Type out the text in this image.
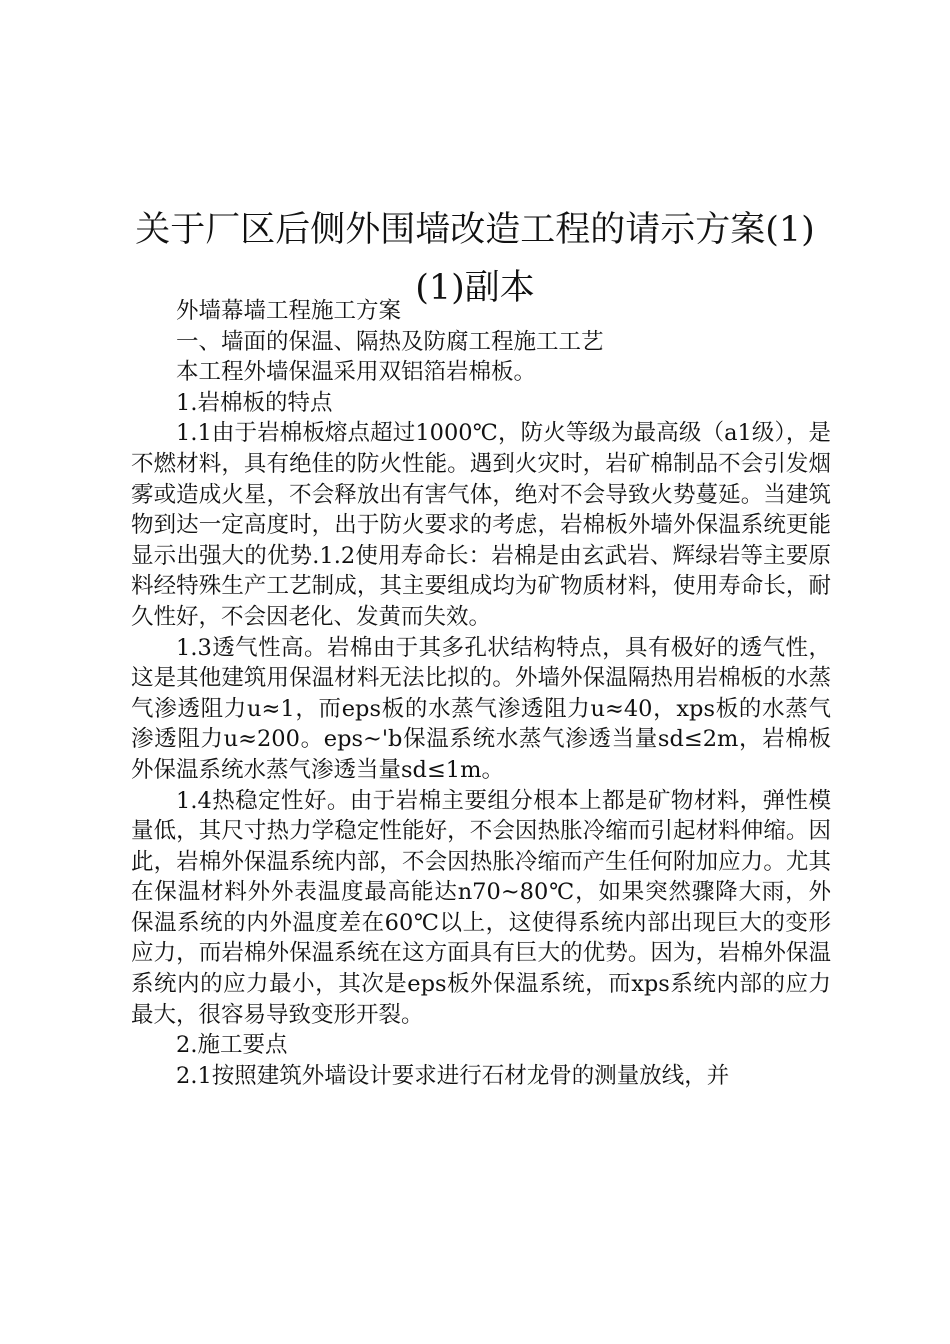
关于厂区后侧外围墙改造工程的请示方案(1)(1)副本

外墙幕墙工程施工方案

一、墙面的保温、隔热及防腐工程施工工艺

本工程外墙保温采用双铝箔岩棉板。

1.岩棉板的特点

1.1由于岩棉板熔点超过1000℃，防火等级为最高级（a1级），是不燃材料，具有绝佳的防火性能。遇到火灾时，岩矿棉制品不会引发烟雾或造成火星，不会释放出有害气体，绝对不会导致火势蔓延。当建筑物到达一定高度时，出于防火要求的考虑，岩棉板外墙外保温系统更能显示出强大的优势.1.2使用寿命长：岩棉是由玄武岩、辉绿岩等主要原料经特殊生产工艺制成，其主要组成均为矿物质材料，使用寿命长，耐久性好，不会因老化、发黄而失效。

1.3透气性高。岩棉由于其多孔状结构特点，具有极好的透气性，这是其他建筑用保温材料无法比拟的。外墙外保温隔热用岩棉板的水蒸气渗透阻力u≈1，而eps板的水蒸气渗透阻力u≈40，xps板的水蒸气渗透阻力u≈200。eps~'b保温系统水蒸气渗透当量sd≤2m，岩棉板外保温系统水蒸气渗透当量sd≤1m。

1.4热稳定性好。由于岩棉主要组分根本上都是矿物材料，弹性模量低，其尺寸热力学稳定性能好，不会因热胀冷缩而引起材料伸缩。因此，岩棉外保温系统内部，不会因热胀冷缩而产生任何附加应力。尤其在保温材料外外表温度最高能达n70~80℃，如果突然骤降大雨，外保温系统的内外温度差在60℃以上，这使得系统内部出现巨大的变形应力，而岩棉外保温系统在这方面具有巨大的优势。因为，岩棉外保温系统内的应力最小，其次是eps板外保温系统，而xps系统内部的应力最大，很容易导致变形开裂。

2.施工要点

2.1按照建筑外墙设计要求进行石材龙骨的测量放线，并
